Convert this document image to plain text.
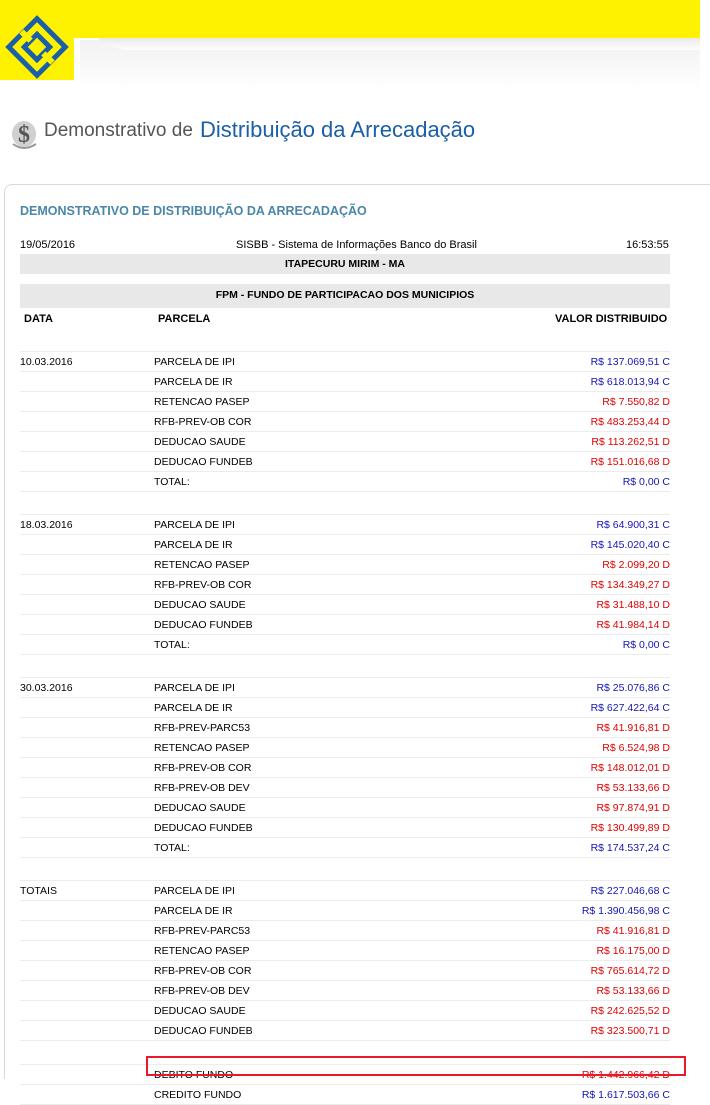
$ Demonstrativo de Distribuição da Arrecadação
DEMONSTRATIVO DE DISTRIBUIÇÃO DA ARRECADAÇÃO
19/05/2016	SISBB - Sistema de Informações Banco do Brasil	16:53:55
ITAPECURU MIRIM - MA
FPM - FUNDO DE PARTICIPACAO DOS MUNICIPIOS
DATA	PARCELA	VALOR DISTRIBUIDO

10.03.2016	PARCELA DE IPI	R$ 137.069,51 C
	PARCELA DE IR	R$ 618.013,94 C
	RETENCAO PASEP	R$ 7.550,82 D
	RFB-PREV-OB COR	R$ 483.253,44 D
	DEDUCAO SAUDE	R$ 113.262,51 D
	DEDUCAO FUNDEB	R$ 151.016,68 D
	TOTAL:	R$ 0,00 C

18.03.2016	PARCELA DE IPI	R$ 64.900,31 C
	PARCELA DE IR	R$ 145.020,40 C
	RETENCAO PASEP	R$ 2.099,20 D
	RFB-PREV-OB COR	R$ 134.349,27 D
	DEDUCAO SAUDE	R$ 31.488,10 D
	DEDUCAO FUNDEB	R$ 41.984,14 D
	TOTAL:	R$ 0,00 C

30.03.2016	PARCELA DE IPI	R$ 25.076,86 C
	PARCELA DE IR	R$ 627.422,64 C
	RFB-PREV-PARC53	R$ 41.916,81 D
	RETENCAO PASEP	R$ 6.524,98 D
	RFB-PREV-OB COR	R$ 148.012,01 D
	RFB-PREV-OB DEV	R$ 53.133,66 D
	DEDUCAO SAUDE	R$ 97.874,91 D
	DEDUCAO FUNDEB	R$ 130.499,89 D
	TOTAL:	R$ 174.537,24 C

TOTAIS	PARCELA DE IPI	R$ 227.046,68 C
	PARCELA DE IR	R$ 1.390.456,98 C
	RFB-PREV-PARC53	R$ 41.916,81 D
	RETENCAO PASEP	R$ 16.175,00 D
	RFB-PREV-OB COR	R$ 765.614,72 D
	RFB-PREV-OB DEV	R$ 53.133,66 D
	DEDUCAO SAUDE	R$ 242.625,52 D
	DEDUCAO FUNDEB	R$ 323.500,71 D

	DEBITO FUNDO	R$ 1.442.966,42 D
	CREDITO FUNDO	R$ 1.617.503,66 C
